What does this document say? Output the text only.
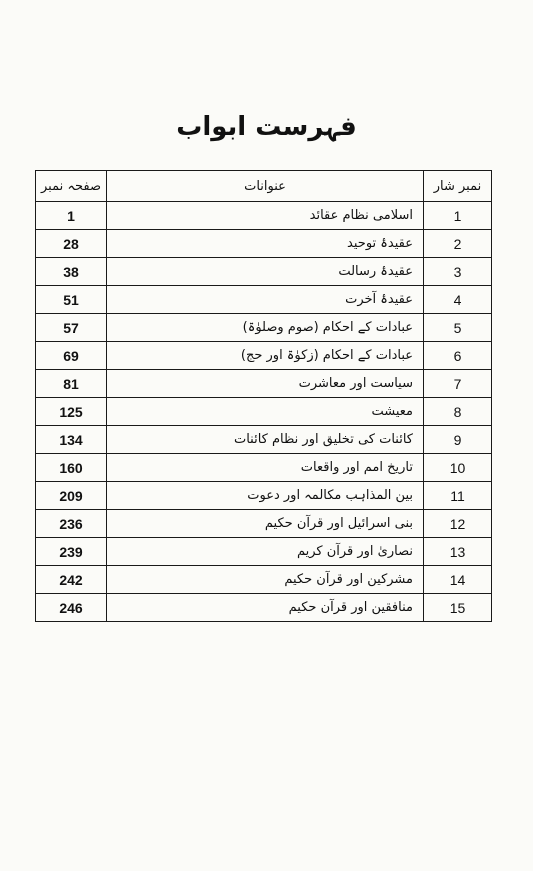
فہرست ابواب
نمبر شار	عنوانات	صفحہ نمبر
1	اسلامی نظام عقائد	1
2	عقیدۂ توحید	28
3	عقیدۂ رسالت	38
4	عقیدۂ آخرت	51
5	عبادات کے احکام (صوم وصلوٰۃ)	57
6	عبادات کے احکام (زکوٰۃ اور حج)	69
7	سیاست اور معاشرت	81
8	معیشت	125
9	کائنات کی تخلیق اور نظام کائنات	134
10	تاریخ امم اور واقعات	160
11	بین المذاہب مکالمہ اور دعوت	209
12	بنی اسرائیل اور قرآن حکیم	236
13	نصاریٰ اور قرآن کریم	239
14	مشرکین اور قرآن حکیم	242
15	منافقین اور قرآن حکیم	246
